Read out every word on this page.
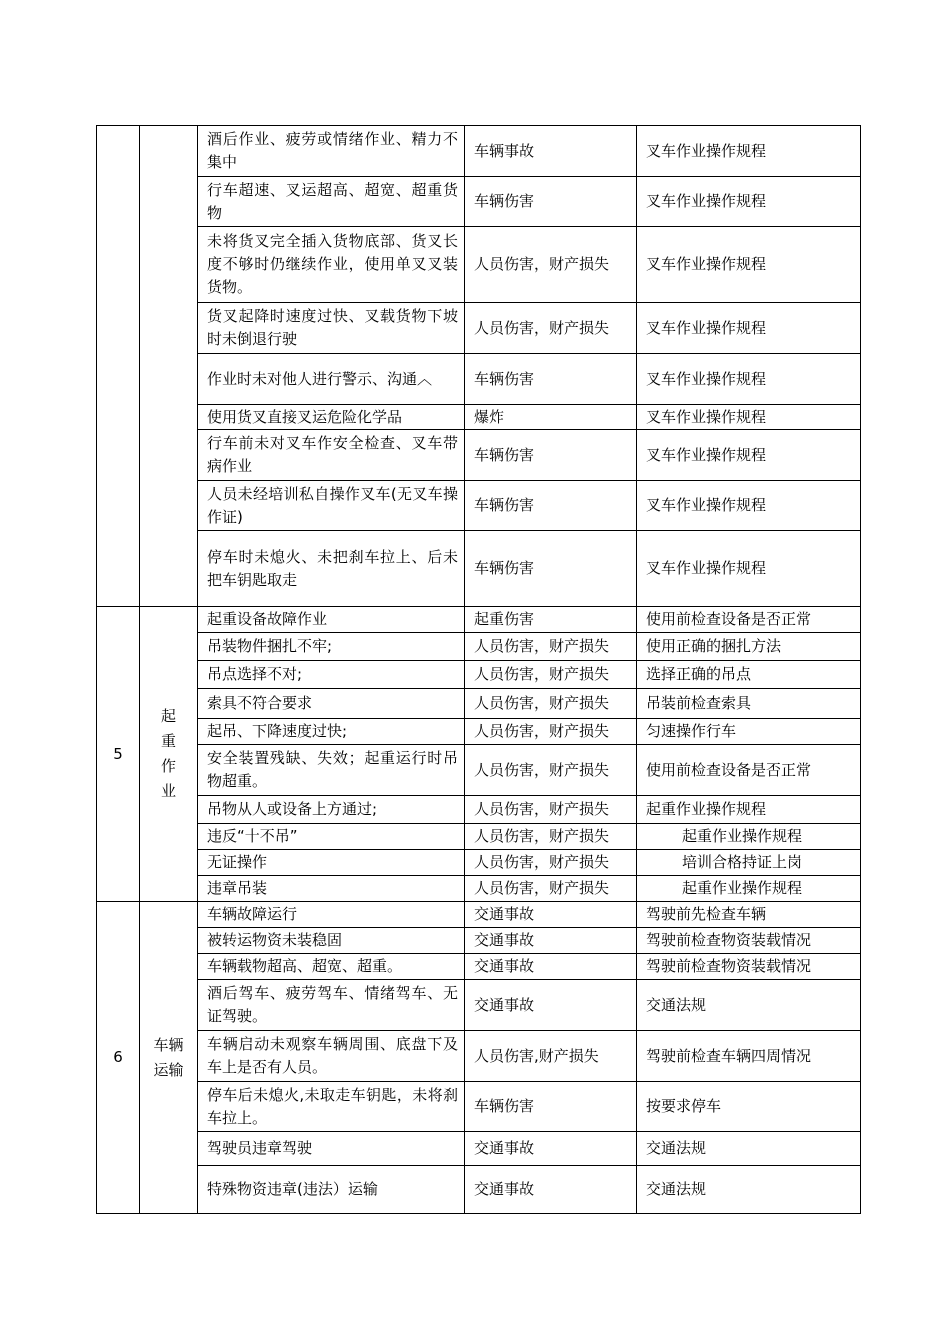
		酒后作业、疲劳或情绪作业、精力不集中	车辆事故	叉车作业操作规程
		行车超速、叉运超高、超宽、超重货物	车辆伤害	叉车作业操作规程
		未将货叉完全插入货物底部、货叉长度不够时仍继续作业，使用单叉叉装货物。	人员伤害，财产损失	叉车作业操作规程
		货叉起降时速度过快、叉载货物下坡时未倒退行驶	人员伤害，财产损失	叉车作业操作规程
		作业时未对他人进行警示、沟通︿	车辆伤害	叉车作业操作规程
		使用货叉直接叉运危险化学品	爆炸	叉车作业操作规程
		行车前未对叉车作安全检查、叉车带病作业	车辆伤害	叉车作业操作规程
		人员未经培训私自操作叉车(无叉车操作证)	车辆伤害	叉车作业操作规程
		停车时未熄火、未把刹车拉上、后未把车钥匙取走	车辆伤害	叉车作业操作规程
5	起重作业	起重设备故障作业	起重伤害	使用前检查设备是否正常
		吊装物件捆扎不牢;	人员伤害，财产损失	使用正确的捆扎方法
		吊点选择不对;	人员伤害，财产损失	选择正确的吊点
		索具不符合要求	人员伤害，财产损失	吊装前检查索具
		起吊、下降速度过快;	人员伤害，财产损失	匀速操作行车
		安全装置残缺、失效；起重运行时吊物超重。	人员伤害，财产损失	使用前检查设备是否正常
		吊物从人或设备上方通过;	人员伤害，财产损失	起重作业操作规程
		违反“十不吊”	人员伤害，财产损失	起重作业操作规程
		无证操作	人员伤害，财产损失	培训合格持证上岗
		违章吊装	人员伤害，财产损失	起重作业操作规程
6	车辆运输	车辆故障运行	交通事故	驾驶前先检查车辆
		被转运物资未装稳固	交通事故	驾驶前检查物资装载情况
		车辆载物超高、超宽、超重。	交通事故	驾驶前检查物资装载情况
		酒后驾车、疲劳驾车、情绪驾车、无证驾驶。	交通事故	交通法规
		车辆启动未观察车辆周围、底盘下及车上是否有人员。	人员伤害,财产损失	驾驶前检查车辆四周情况
		停车后未熄火,未取走车钥匙，未将刹车拉上。	车辆伤害	按要求停车
		驾驶员违章驾驶	交通事故	交通法规
		特殊物资违章(违法）运输	交通事故	交通法规
